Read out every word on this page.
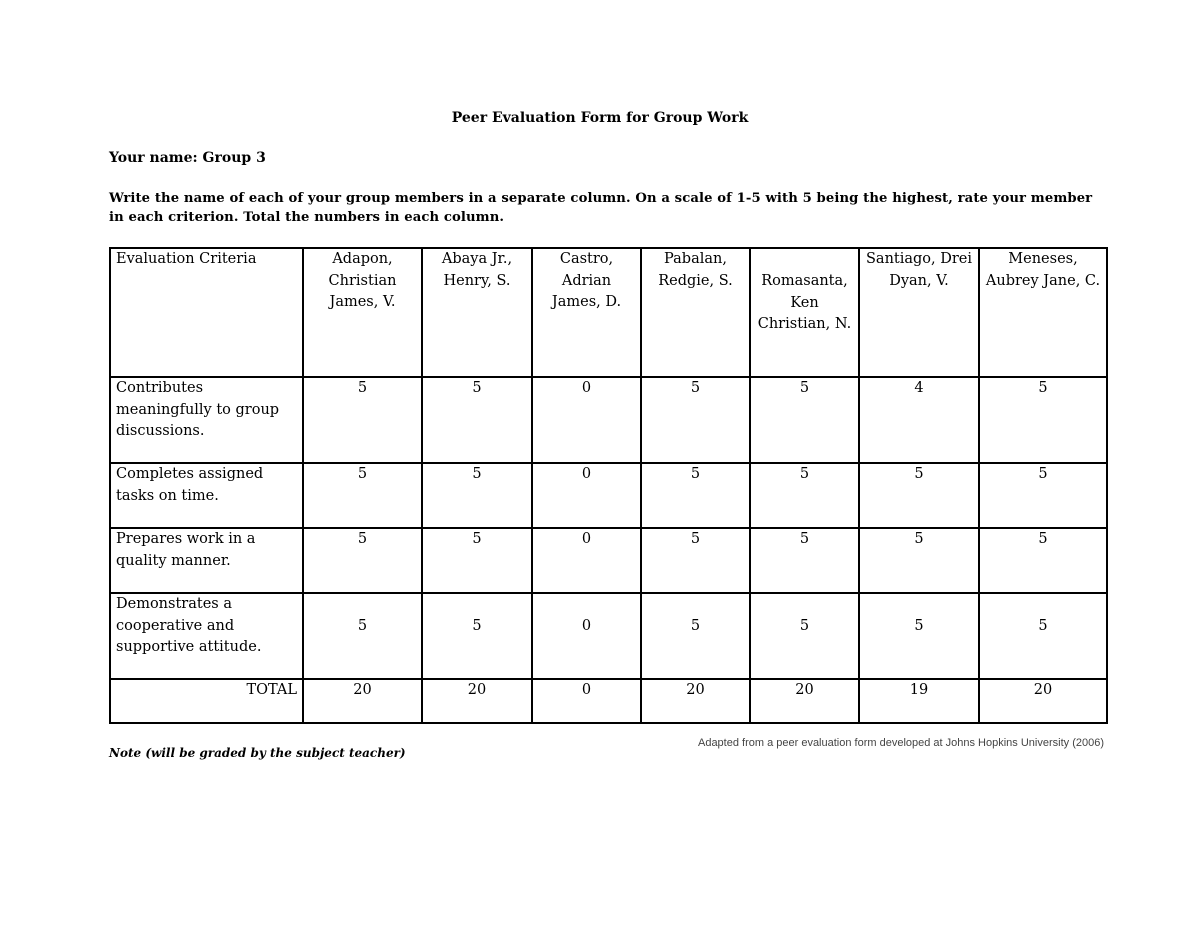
Peer Evaluation Form for Group Work
Your name: Group 3
Write the name of each of your group members in a separate column. On a scale of 1-5 with 5 being the highest, rate your member in each criterion. Total the numbers in each column.
Evaluation Criteria	Adapon, Christian James, V.	Abaya Jr., Henry, S.	Castro, Adrian James, D.	Pabalan, Redgie, S.	Romasanta, Ken Christian, N.	Santiago, Drei Dyan, V.	Meneses, Aubrey Jane, C.
Contributes meaningfully to group discussions.	5	5	0	5	5	4	5
Completes assigned tasks on time.	5	5	0	5	5	5	5
Prepares work in a quality manner.	5	5	0	5	5	5	5
Demonstrates a cooperative and supportive attitude.	5	5	0	5	5	5	5
TOTAL	20	20	0	20	20	19	20
Adapted from a peer evaluation form developed at Johns Hopkins University (2006)
Note (will be graded by the subject teacher)
